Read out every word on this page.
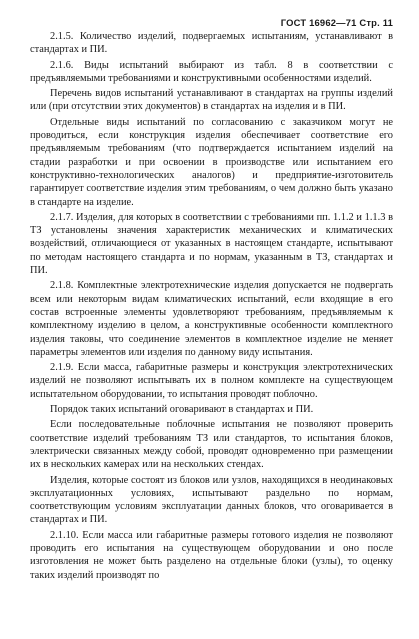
ГОСТ 16962—71 Стр. 11

2.1.5. Количество изделий, подвергаемых испытаниям, устанавливают в стандартах и ПИ.

2.1.6. Виды испытаний выбирают из табл. 8 в соответствии с предъявляемыми требованиями и конструктивными особенностями изделий.

Перечень видов испытаний устанавливают в стандартах на группы изделий или (при отсутствии этих документов) в стандартах на изделия и в ПИ.

Отдельные виды испытаний по согласованию с заказчиком могут не проводиться, если конструкция изделия обеспечивает соответствие его предъявляемым требованиям (что подтверждается испытанием изделий на стадии разработки и при освоении в производстве или испытанием его конструктивно-технологических аналогов) и предприятие-изготовитель гарантирует соответствие изделия этим требованиям, о чем должно быть указано в стандарте на изделие.

2.1.7. Изделия, для которых в соответствии с требованиями пп. 1.1.2 и 1.1.3 в ТЗ установлены значения характеристик механических и климатических воздействий, отличающиеся от указанных в настоящем стандарте, испытывают по методам настоящего стандарта и по нормам, указанным в ТЗ, стандартах и ПИ.

2.1.8. Комплектные электротехнические изделия допускается не подвергать всем или некоторым видам климатических испытаний, если входящие в его состав встроенные элементы удовлетворяют требованиям, предъявляемым к комплектному изделию в целом, а конструктивные особенности комплектного изделия таковы, что соединение элементов в комплектное изделие не меняет параметры элементов или изделия по данному виду испытания.

2.1.9. Если масса, габаритные размеры и конструкция электротехнических изделий не позволяют испытывать их в полном комплекте на существующем испытательном оборудовании, то испытания проводят поблочно.

Порядок таких испытаний оговаривают в стандартах и ПИ.

Если последовательные поблочные испытания не позволяют проверить соответствие изделий требованиям ТЗ или стандартов, то испытания блоков, электрически связанных между собой, проводят одновременно при размещении их в нескольких камерах или на нескольких стендах.

Изделия, которые состоят из блоков или узлов, находящихся в неодинаковых эксплуатационных условиях, испытывают раздельно по нормам, соответствующим условиям эксплуатации данных блоков, что оговаривается в стандартах и ПИ.

2.1.10. Если масса или габаритные размеры готового изделия не позволяют проводить его испытания на существующем оборудовании и оно после изготовления не может быть разделено на отдельные блоки (узлы), то оценку таких изделий производят по
